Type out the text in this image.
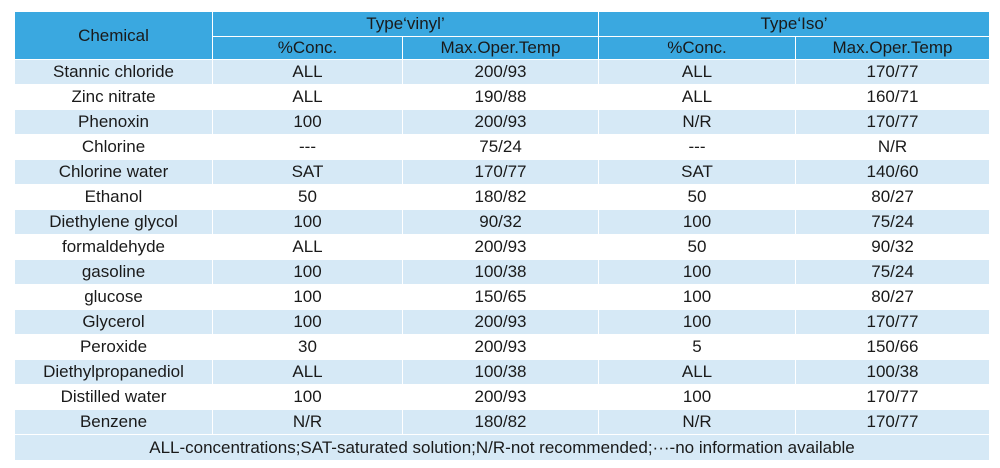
Chemical	Type‘vinyl’		Type‘Iso’	
	%Conc.	Max.Oper.Temp	%Conc.	Max.Oper.Temp
Stannic chloride	ALL	200/93	ALL	170/77
Zinc nitrate	ALL	190/88	ALL	160/71
Phenoxin	100	200/93	N/R	170/77
Chlorine	---	75/24	---	N/R
Chlorine water	SAT	170/77	SAT	140/60
Ethanol	50	180/82	50	80/27
Diethylene glycol	100	90/32	100	75/24
formaldehyde	ALL	200/93	50	90/32
gasoline	100	100/38	100	75/24
glucose	100	150/65	100	80/27
Glycerol	100	200/93	100	170/77
Peroxide	30	200/93	5	150/66
Diethylpropanediol	ALL	100/38	ALL	100/38
Distilled water	100	200/93	100	170/77
Benzene	N/R	180/82	N/R	170/77
ALL-concentrations;SAT-saturated solution;N/R-not recommended;···-no information available				
